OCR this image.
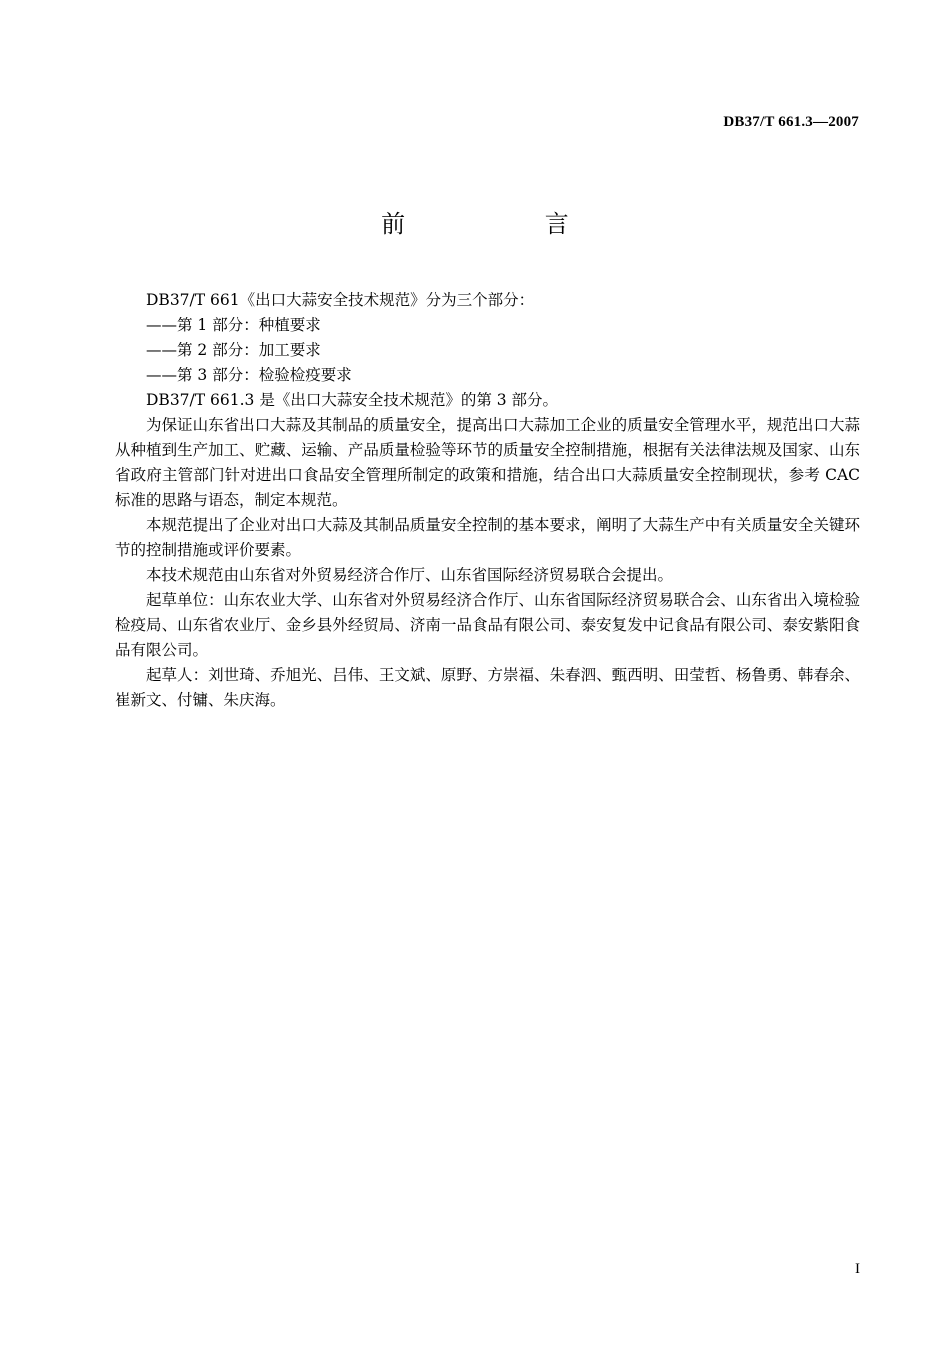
DB37/T 661.3—2007
前 言

DB37/T 661《出口大蒜安全技术规范》分为三个部分：

——第 1 部分：种植要求

——第 2 部分：加工要求

——第 3 部分：检验检疫要求

DB37/T 661.3 是《出口大蒜安全技术规范》的第 3 部分。

为保证山东省出口大蒜及其制品的质量安全，提高出口大蒜加工企业的质量安全管理水平，规范出口大蒜从种植到生产加工、贮藏、运输、产品质量检验等环节的质量安全控制措施，根据有关法律法规及国家、山东省政府主管部门针对进出口食品安全管理所制定的政策和措施，结合出口大蒜质量安全控制现状，参考 CAC 标准的思路与语态，制定本规范。

本规范提出了企业对出口大蒜及其制品质量安全控制的基本要求，阐明了大蒜生产中有关质量安全关键环节的控制措施或评价要素。

本技术规范由山东省对外贸易经济合作厅、山东省国际经济贸易联合会提出。

起草单位：山东农业大学、山东省对外贸易经济合作厅、山东省国际经济贸易联合会、山东省出入境检验检疫局、山东省农业厅、金乡县外经贸局、济南一品食品有限公司、泰安复发中记食品有限公司、泰安紫阳食品有限公司。

起草人：刘世琦、乔旭光、吕伟、王文斌、原野、方崇福、朱春泗、甄西明、田莹哲、杨鲁勇、韩春余、崔新文、付镛、朱庆海。

I
